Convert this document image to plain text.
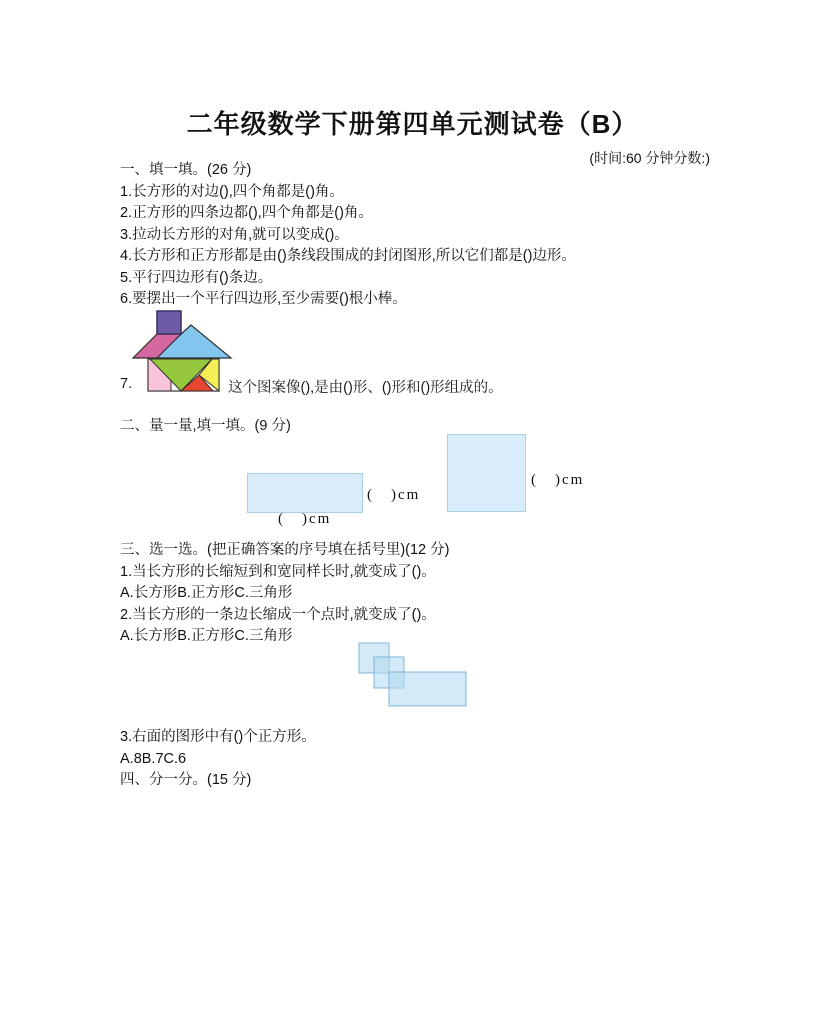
二年级数学下册第四单元测试卷（B）
(时间:60 分钟分数:)
一、填一填。(26 分)
1.长方形的对边(),四个角都是()角。
2.正方形的四条边都(),四个角都是()角。
3.拉动长方形的对角,就可以变成()。
4.长方形和正方形都是由()条线段围成的封闭图形,所以它们都是()边形。
5.平行四边形有()条边。
6.要摆出一个平行四边形,至少需要()根小棒。
7.	这个图案像(),是由()形、()形和()形组成的。
二、量一量,填一填。(9 分)
(　)cm
(　)cm
(　)cm
三、选一选。(把正确答案的序号填在括号里)(12 分)
1.当长方形的长缩短到和宽同样长时,就变成了()。
A.长方形B.正方形C.三角形
2.当长方形的一条边长缩成一个点时,就变成了()。
A.长方形B.正方形C.三角形
3.右面的图形中有()个正方形。
A.8B.7C.6
四、分一分。(15 分)
